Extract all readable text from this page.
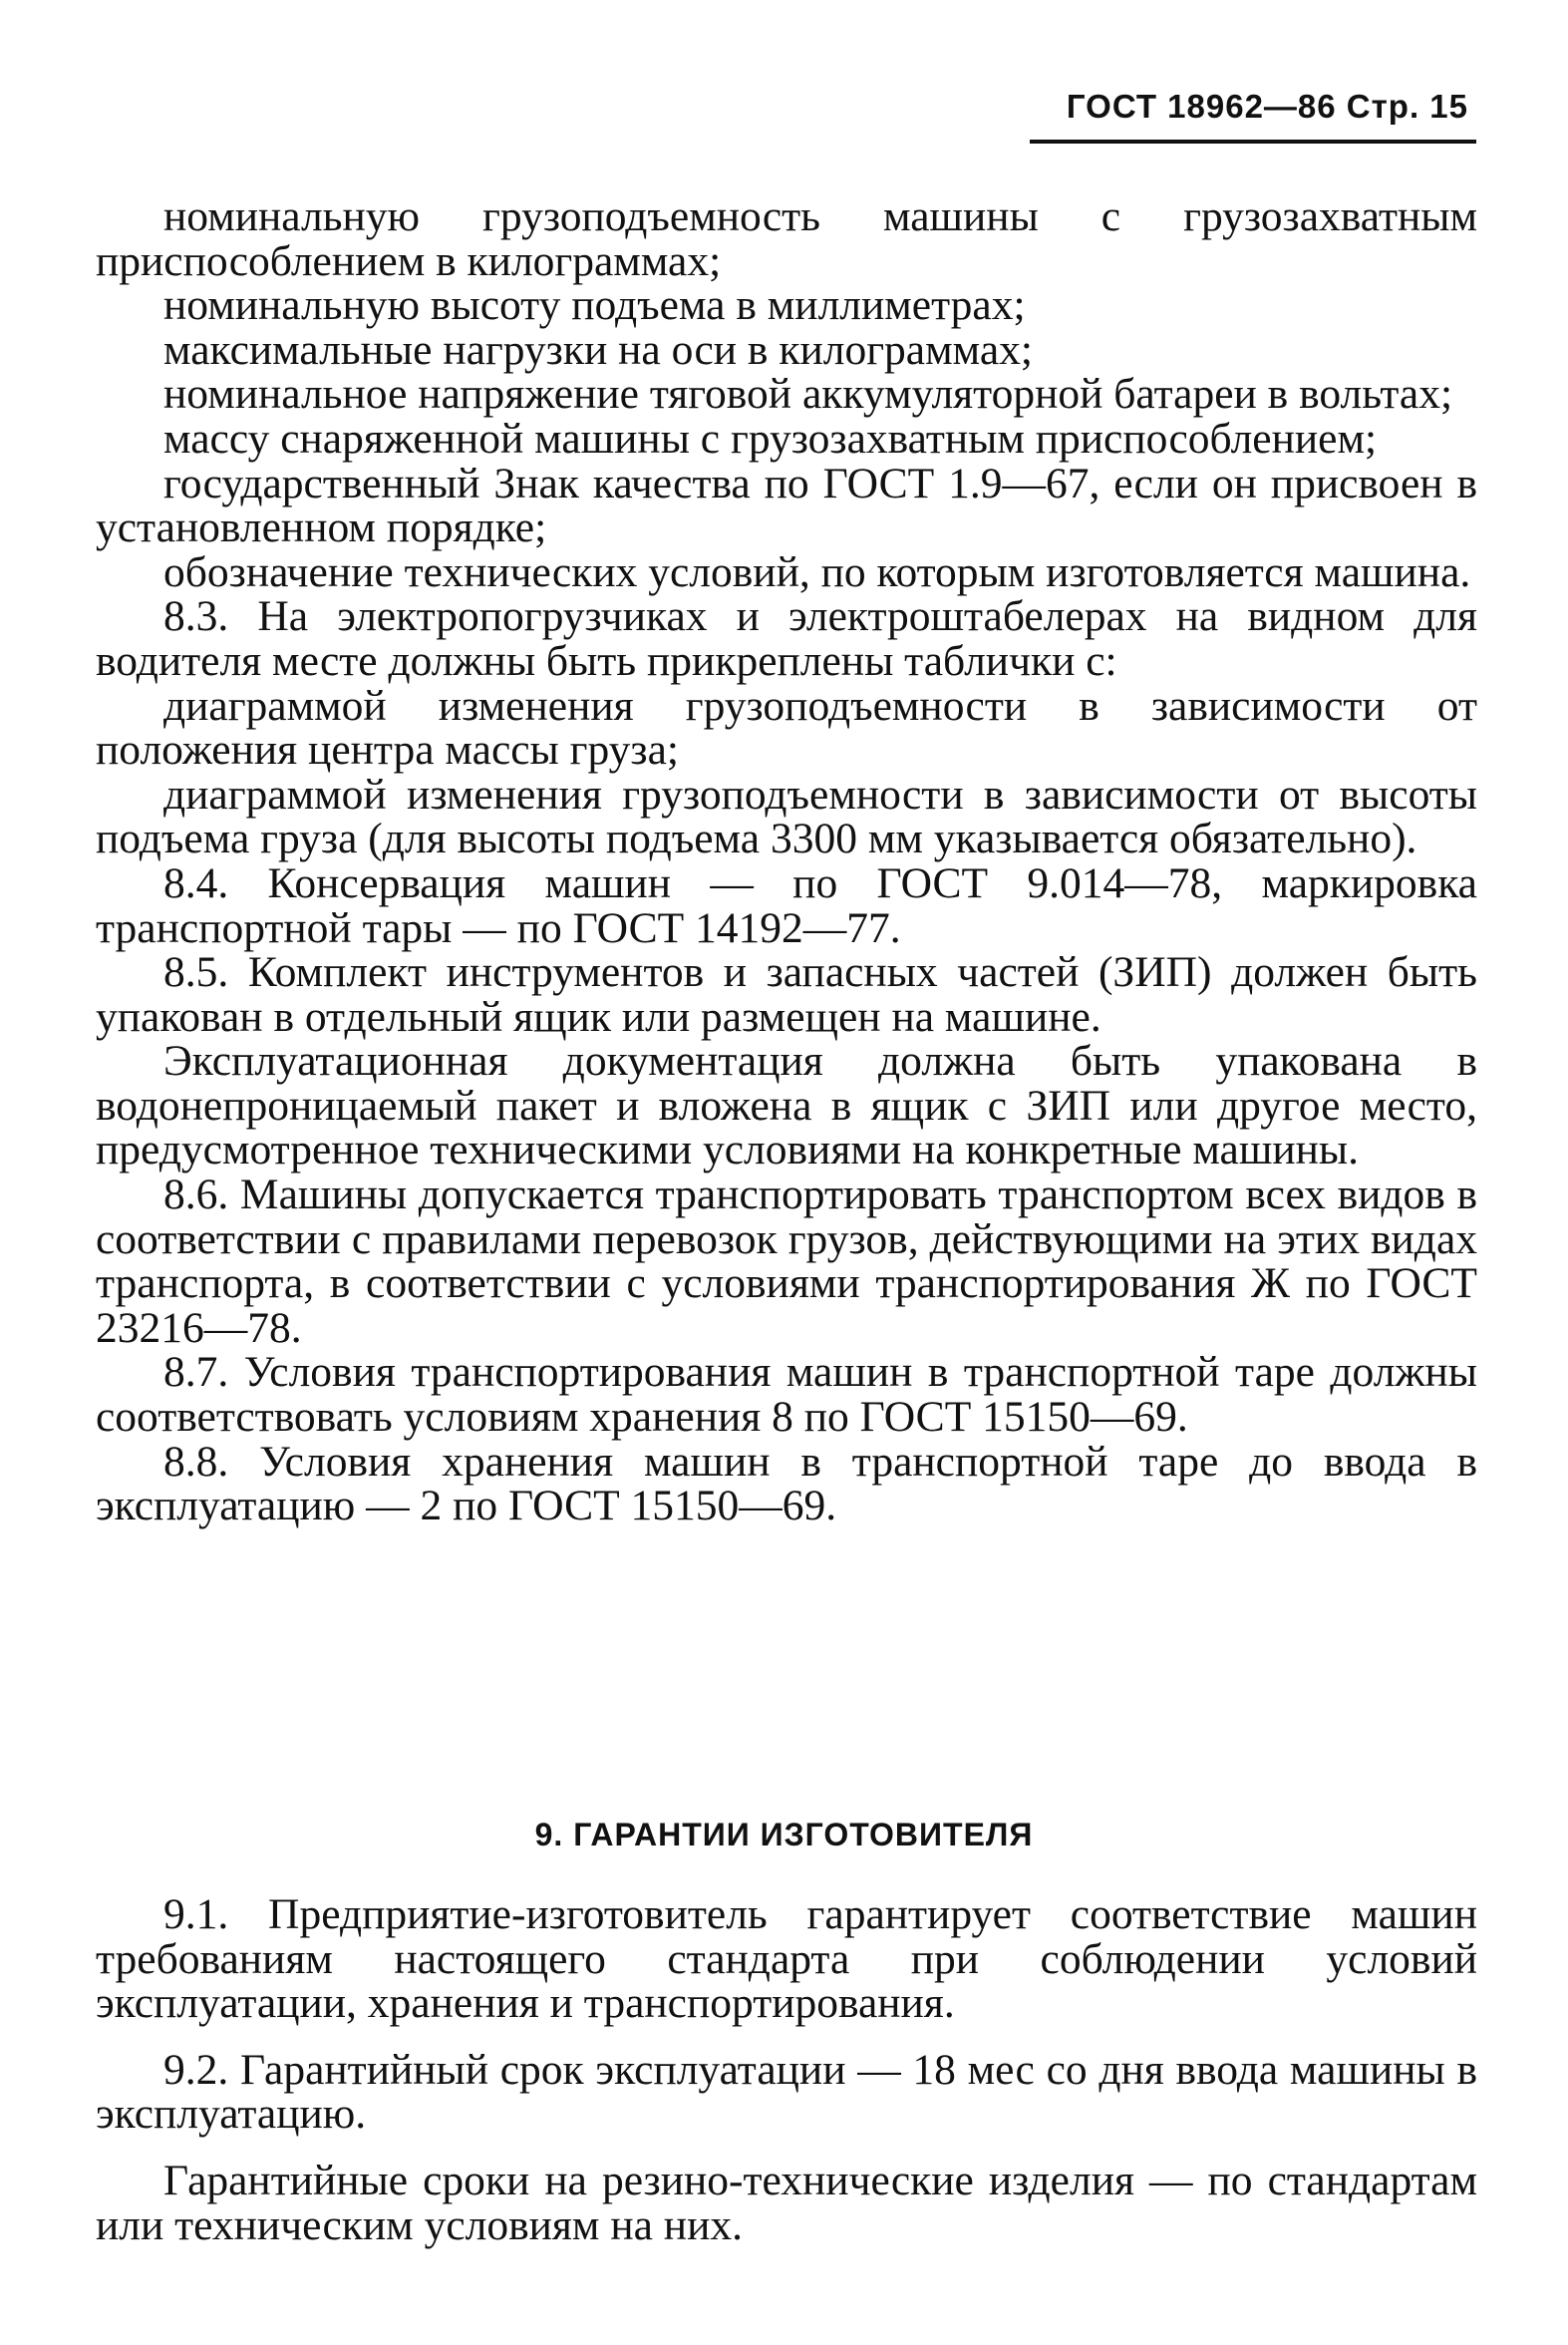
ГОСТ 18962—86 Стр. 15

номинальную грузоподъемность машины с грузозахватным приспособлением в килограммах;

номинальную высоту подъема в миллиметрах;

максимальные нагрузки на оси в килограммах;

номинальное напряжение тяговой аккумуляторной батареи в вольтах;

массу снаряженной машины с грузозахватным приспособлением;

государственный Знак качества по ГОСТ 1.9—67, если он присвоен в установленном порядке;

обозначение технических условий, по которым изготовляется машина.

8.3. На электропогрузчиках и электроштабелерах на видном для водителя месте должны быть прикреплены таблички с:

диаграммой изменения грузоподъемности в зависимости от положения центра массы груза;

диаграммой изменения грузоподъемности в зависимости от высоты подъема груза (для высоты подъема 3300 мм указывается обязательно).

8.4. Консервация машин — по ГОСТ 9.014—78, маркировка транспортной тары — по ГОСТ 14192—77.

8.5. Комплект инструментов и запасных частей (ЗИП) должен быть упакован в отдельный ящик или размещен на машине.

Эксплуатационная документация должна быть упакована в водонепроницаемый пакет и вложена в ящик с ЗИП или другое место, предусмотренное техническими условиями на конкретные машины.

8.6. Машины допускается транспортировать транспортом всех видов в соответствии с правилами перевозок грузов, действующими на этих видах транспорта, в соответствии с условиями транспортирования Ж по ГОСТ 23216—78.

8.7. Условия транспортирования машин в транспортной таре должны соответствовать условиям хранения 8 по ГОСТ 15150—69.

8.8. Условия хранения машин в транспортной таре до ввода в эксплуатацию — 2 по ГОСТ 15150—69.

9. ГАРАНТИИ ИЗГОТОВИТЕЛЯ

9.1. Предприятие-изготовитель гарантирует соответствие машин требованиям настоящего стандарта при соблюдении условий эксплуатации, хранения и транспортирования.

9.2. Гарантийный срок эксплуатации — 18 мес со дня ввода машины в эксплуатацию.

Гарантийные сроки на резино-технические изделия — по стандартам или техническим условиям на них.
